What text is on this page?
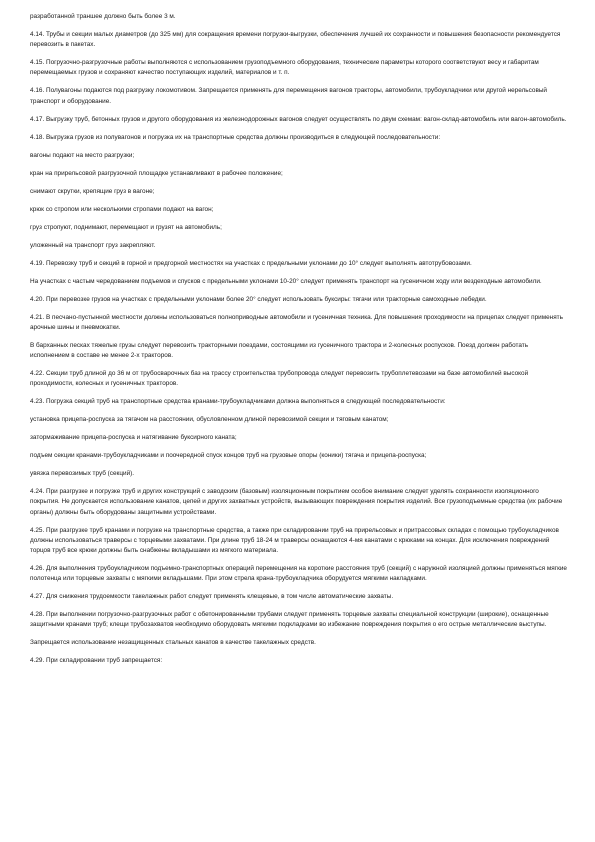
разработанной траншее должно быть более 3 м.

4.14. Трубы и секции малых диаметров (до 325 мм) для сокращения времени погрузки-выгрузки, обеспечения лучшей их сохранности и повышения безопасности рекомендуется перевозить в пакетах.

4.15. Погрузочно-разгрузочные работы выполняются с использованием грузоподъемного оборудования, технические параметры которого соответствуют весу и габаритам перемещаемых грузов и сохраняют качество поступающих изделий, материалов и т. п.

4.16. Полувагоны подаются под разгрузку локомотивом. Запрещается применять для перемещения вагонов тракторы, автомобили, трубоукладчики или другой нерельсовый транспорт и оборудование.

4.17. Выгрузку труб, бетонных грузов и другого оборудования из железнодорожных вагонов следует осуществлять по двум схемам: вагон-склад-автомобиль или вагон-автомобиль.

4.18. Выгрузка грузов из полувагонов и погрузка их на транспортные средства должны производиться в следующей последовательности:

вагоны подают на место разгрузки;

кран на прирельсовой разгрузочной площадке устанавливают в рабочее положение;

снимают скрутки, крепящие груз в вагоне;

крюк со стропом или несколькими стропами подают на вагон;

груз стропуют, поднимают, перемещают и грузят на автомобиль;

уложенный на транспорт груз закрепляют.

4.19. Перевозку труб и секций в горной и предгорной местностях на участках с предельными уклонами до 10° следует выполнять автотрубовозами.

На участках с частым чередованием подъемов и спусков с предельными уклонами 10-20° следует применять транспорт на гусеничном ходу или вездеходные автомобили.

4.20. При перевозке грузов на участках с предельными уклонами более 20° следует использовать буксиры: тягачи или тракторные самоходные лебедки.

4.21. В песчано-пустынной местности должны использоваться полноприводные автомобили и гусеничная техника. Для повышения проходимости на прицепах следует применять арочные шины и пневмокатки.

В барханных песках тяжелые грузы следует перевозить тракторными поездами, состоящими из гусеничного трактора и 2-колесных роспусков. Поезд должен работать исполнением в составе не менее 2-х тракторов.

4.22. Секции труб длиной до 36 м от трубосварочных баз на трассу строительства трубопровода следует перевозить трубоплетевозами на базе автомобилей высокой проходимости, колесных и гусеничных тракторов.

4.23. Погрузка секций труб на транспортные средства кранами-трубоукладчиками должна выполняться в следующей последовательности:

установка прицепа-роспуска за тягачом на расстоянии, обусловленном длиной перевозимой секции и тяговым канатом;

затормаживание прицепа-роспуска и натягивание буксирного каната;

подъем секции кранами-трубоукладчиками и поочередной спуск концов труб на грузовые опоры (коники) тягача и прицепа-роспуска;

увязка перевозимых труб (секций).

4.24. При разгрузке и погрузке труб и других конструкций с заводским (базовым) изоляционным покрытием особое внимание следует уделять сохранности изоляционного покрытия. Не допускается использование канатов, цепей и других захватных устройств, вызывающих повреждения покрытия изделий. Все грузоподъемные средства (их рабочие органы) должны быть оборудованы защитными устройствами.

4.25. При разгрузке труб кранами и погрузке на транспортные средства, а также при складировании труб на прирельсовых и притрассовых складах с помощью трубоукладчиков должны использоваться траверсы с торцевыми захватами. При длине труб 18-24 м траверсы оснащаются 4-мя канатами с крюками на концах. Для исключения повреждений торцов труб все крюки должны быть снабжены вкладышами из мягкого материала.

4.26. Для выполнения трубоукладчиком подъемно-транспортных операций перемещения на короткие расстояния труб (секций) с наружной изоляцией должны применяться мягкие полотенца или торцевые захваты с мягкими вкладышами. При этом стрела крана-трубоукладчика оборудуется мягкими накладками.

4.27. Для снижения трудоемкости такелажных работ следует применять клещевые, в том числе автоматические захваты.

4.28. При выполнении погрузочно-разгрузочных работ с обетонированными трубами следует применять торцевые захваты специальной конструкции (широкие), оснащенные защитными кранами труб; клещи трубозахватов необходимо оборудовать мягкими подкладками во избежание повреждения покрытия о его острые металлические выступы.

Запрещается использование незащищенных стальных канатов в качестве такелажных средств.

4.29. При складировании труб запрещается:
